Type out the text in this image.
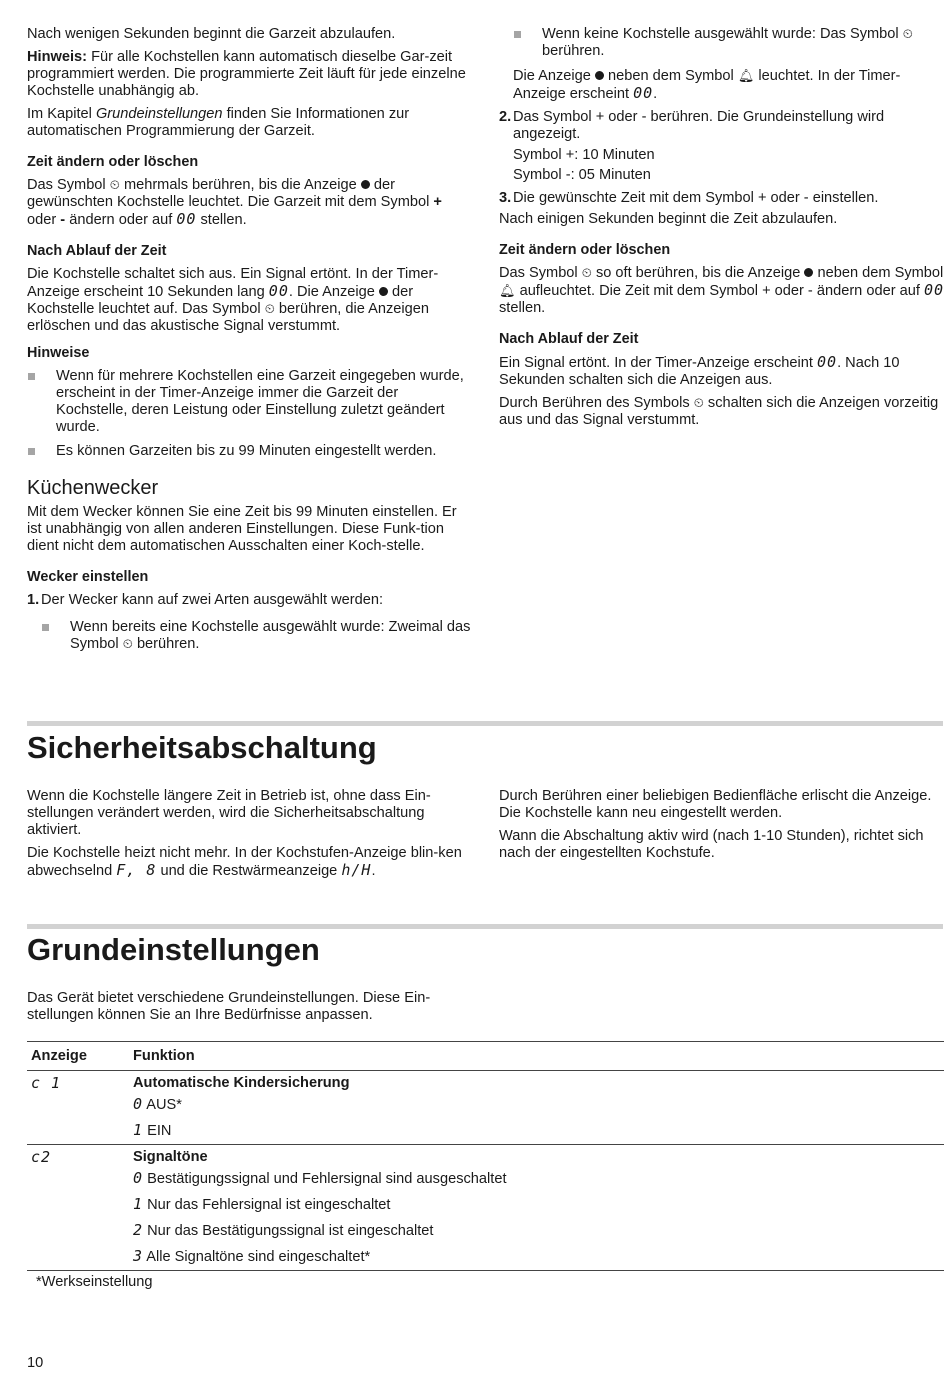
Nach wenigen Sekunden beginnt die Garzeit abzulaufen.

Hinweis: Für alle Kochstellen kann automatisch dieselbe Gar-zeit programmiert werden. Die programmierte Zeit läuft für jede einzelne Kochstelle unabhängig ab.

Im Kapitel Grundeinstellungen finden Sie Informationen zur automatischen Programmierung der Garzeit.

Zeit ändern oder löschen

Das Symbol ⏲ mehrmals berühren, bis die Anzeige der gewünschten Kochstelle leuchtet. Die Garzeit mit dem Symbol + oder - ändern oder auf 00 stellen.

Nach Ablauf der Zeit

Die Kochstelle schaltet sich aus. Ein Signal ertönt. In der Timer-Anzeige erscheint 10 Sekunden lang 00. Die Anzeige der Kochstelle leuchtet auf. Das Symbol ⏲ berühren, die Anzeigen erlöschen und das akustische Signal verstummt.

Hinweise
Wenn für mehrere Kochstellen eine Garzeit eingegeben wurde, erscheint in der Timer-Anzeige immer die Garzeit der Kochstelle, deren Leistung oder Einstellung zuletzt geändert wurde.
Es können Garzeiten bis zu 99 Minuten eingestellt werden.
Küchenwecker

Mit dem Wecker können Sie eine Zeit bis 99 Minuten einstellen. Er ist unabhängig von allen anderen Einstellungen. Diese Funk-tion dient nicht dem automatischen Ausschalten einer Koch-stelle.

Wecker einstellen
1. Der Wecker kann auf zwei Arten ausgewählt werden:
Wenn bereits eine Kochstelle ausgewählt wurde: Zweimal das Symbol ⏲ berühren.
Wenn keine Kochstelle ausgewählt wurde: Das Symbol ⏲ berühren.

Die Anzeige neben dem Symbol 🔔︎ leuchtet. In der Timer-Anzeige erscheint 00.

2. Das Symbol + oder - berühren. Die Grundeinstellung wird angezeigt.

Symbol +: 10 Minuten

Symbol -: 05 Minuten

3. Die gewünschte Zeit mit dem Symbol + oder - einstellen.

Nach einigen Sekunden beginnt die Zeit abzulaufen.

Zeit ändern oder löschen

Das Symbol ⏲ so oft berühren, bis die Anzeige neben dem Symbol 🔔︎ aufleuchtet. Die Zeit mit dem Symbol + oder - ändern oder auf 00 stellen.

Nach Ablauf der Zeit

Ein Signal ertönt. In der Timer-Anzeige erscheint 00. Nach 10 Sekunden schalten sich die Anzeigen aus.

Durch Berühren des Symbols ⏲ schalten sich die Anzeigen vorzeitig aus und das Signal verstummt.

Sicherheitsabschaltung

Wenn die Kochstelle längere Zeit in Betrieb ist, ohne dass Ein-stellungen verändert werden, wird die Sicherheitsabschaltung aktiviert.

Die Kochstelle heizt nicht mehr. In der Kochstufen-Anzeige blin-ken abwechselnd F, 8 und die Restwärmeanzeige h/H.

Durch Berühren einer beliebigen Bedienfläche erlischt die Anzeige. Die Kochstelle kann neu eingestellt werden.

Wann die Abschaltung aktiv wird (nach 1-10 Stunden), richtet sich nach der eingestellten Kochstufe.

Grundeinstellungen

Das Gerät bietet verschiedene Grundeinstellungen. Diese Ein-stellungen können Sie an Ihre Bedürfnisse anpassen.

Anzeige	Funktion
c 1	Automatische Kindersicherung
0 AUS*
1 EIN

c2	Signaltöne
0 Bestätigungssignal und Fehlersignal sind ausgeschaltet
1 Nur das Fehlersignal ist eingeschaltet
2 Nur das Bestätigungssignal ist eingeschaltet
3 Alle Signaltöne sind eingeschaltet*
*Werkseinstellung
10
